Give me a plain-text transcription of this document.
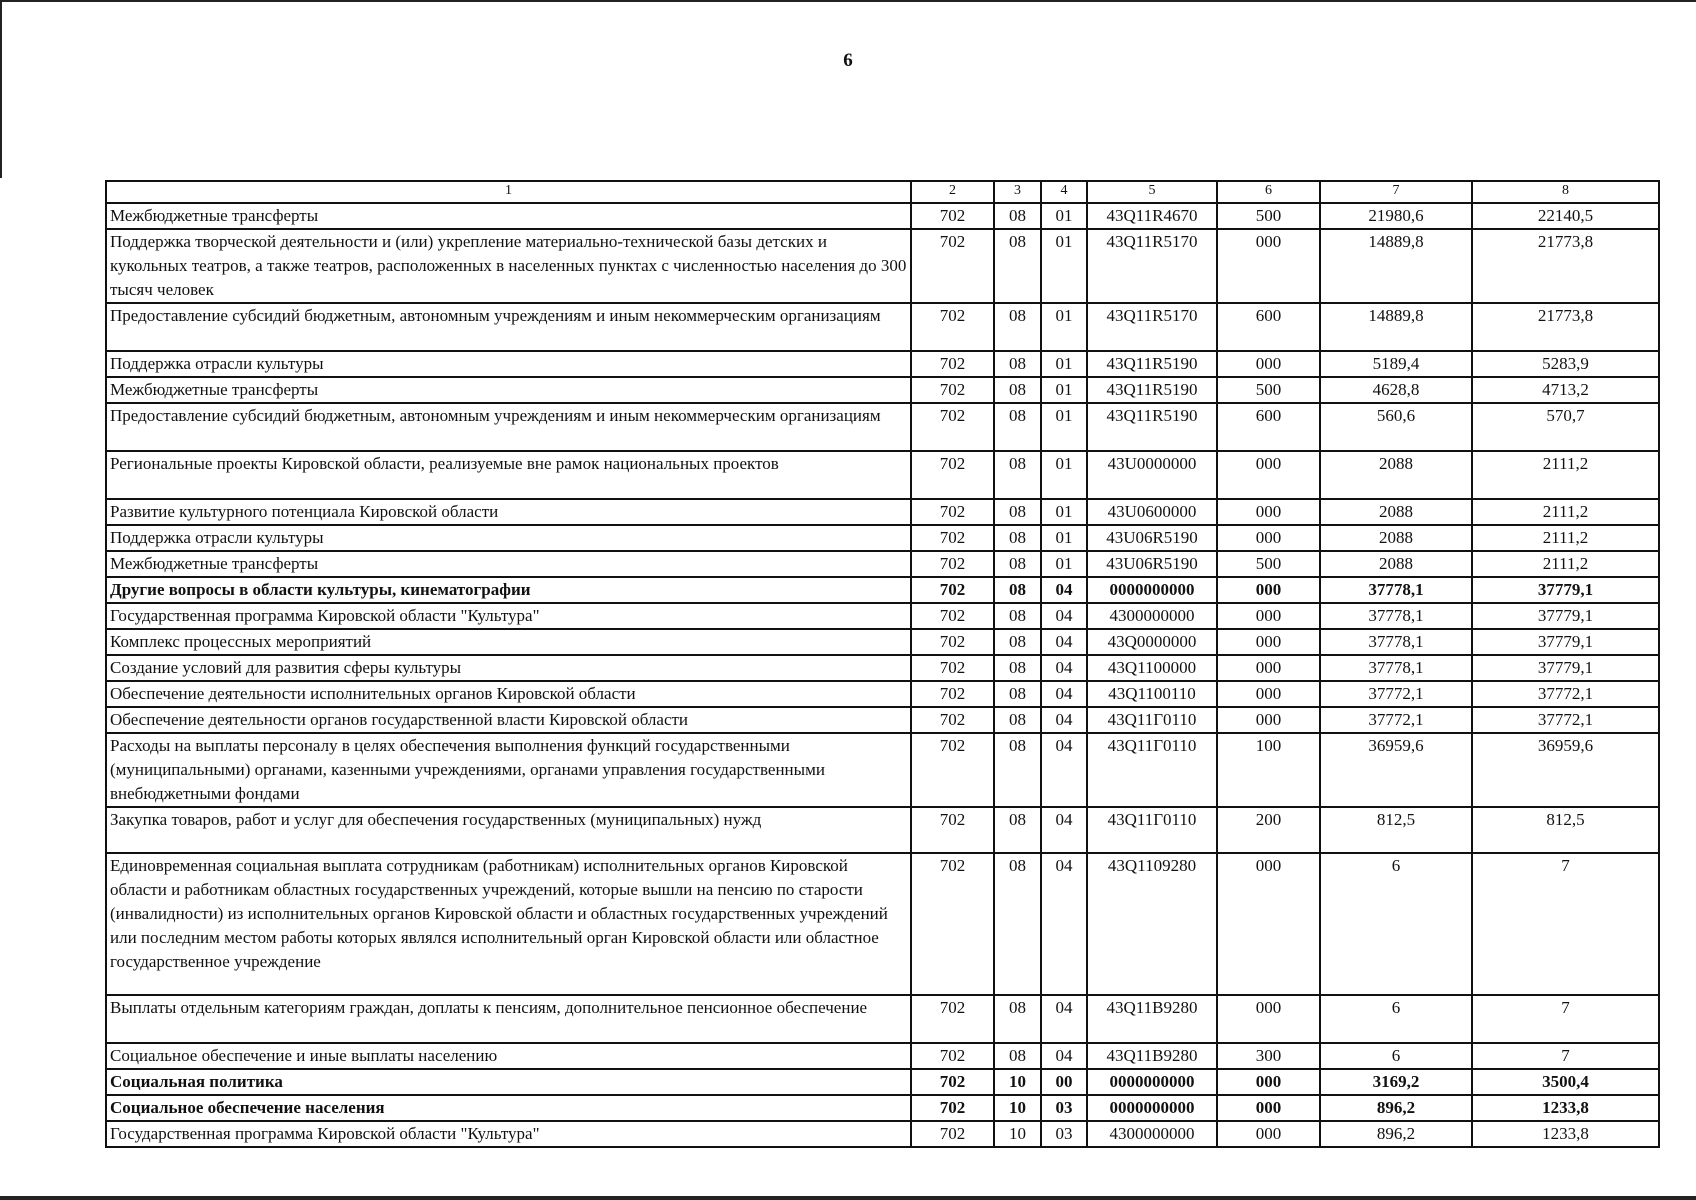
6
1	2	3	4	5	6	7	8
Межбюджетные трансферты	702	08	01	43Q11R4670	500	21980,6	22140,5
Поддержка творческой деятельности и (или) укрепление материально-технической базы детских и кукольных театров, а также театров, расположенных в населенных пунктах с численностью населения до 300 тысяч человек	702	08	01	43Q11R5170	000	14889,8	21773,8
Предоставление субсидий бюджетным, автономным учреждениям и иным некоммерческим организациям	702	08	01	43Q11R5170	600	14889,8	21773,8
Поддержка отрасли культуры	702	08	01	43Q11R5190	000	5189,4	5283,9
Межбюджетные трансферты	702	08	01	43Q11R5190	500	4628,8	4713,2
Предоставление субсидий бюджетным, автономным учреждениям и иным некоммерческим организациям	702	08	01	43Q11R5190	600	560,6	570,7
Региональные проекты Кировской области, реализуемые вне рамок национальных проектов	702	08	01	43U0000000	000	2088	2111,2
Развитие культурного потенциала Кировской области	702	08	01	43U0600000	000	2088	2111,2
Поддержка отрасли культуры	702	08	01	43U06R5190	000	2088	2111,2
Межбюджетные трансферты	702	08	01	43U06R5190	500	2088	2111,2
Другие вопросы в области культуры, кинематографии	702	08	04	0000000000	000	37778,1	37779,1
Государственная программа Кировской области "Культура"	702	08	04	4300000000	000	37778,1	37779,1
Комплекс процессных мероприятий	702	08	04	43Q0000000	000	37778,1	37779,1
Создание условий для развития сферы культуры	702	08	04	43Q1100000	000	37778,1	37779,1
Обеспечение деятельности исполнительных органов Кировской области	702	08	04	43Q1100110	000	37772,1	37772,1
Обеспечение деятельности органов государственной власти Кировской области	702	08	04	43Q11Г0110	000	37772,1	37772,1
Расходы на выплаты персоналу в целях обеспечения выполнения функций государственными (муниципальными) органами, казенными учреждениями, органами управления государственными внебюджетными фондами	702	08	04	43Q11Г0110	100	36959,6	36959,6
Закупка товаров, работ и услуг для обеспечения государственных (муниципальных) нужд	702	08	04	43Q11Г0110	200	812,5	812,5
Единовременная социальная выплата сотрудникам (работникам) исполнительных органов Кировской области и работникам областных государственных учреждений, которые вышли на пенсию по старости (инвалидности) из исполнительных органов Кировской области и областных государственных учреждений или последним местом работы которых являлся исполнительный орган Кировской области или областное государственное учреждение	702	08	04	43Q1109280	000	6	7
Выплаты отдельным категориям граждан, доплаты к пенсиям, дополнительное пенсионное обеспечение	702	08	04	43Q11B9280	000	6	7
Социальное обеспечение и иные выплаты населению	702	08	04	43Q11B9280	300	6	7
Социальная политика	702	10	00	0000000000	000	3169,2	3500,4
Социальное обеспечение населения	702	10	03	0000000000	000	896,2	1233,8
Государственная программа Кировской области "Культура"	702	10	03	4300000000	000	896,2	1233,8
